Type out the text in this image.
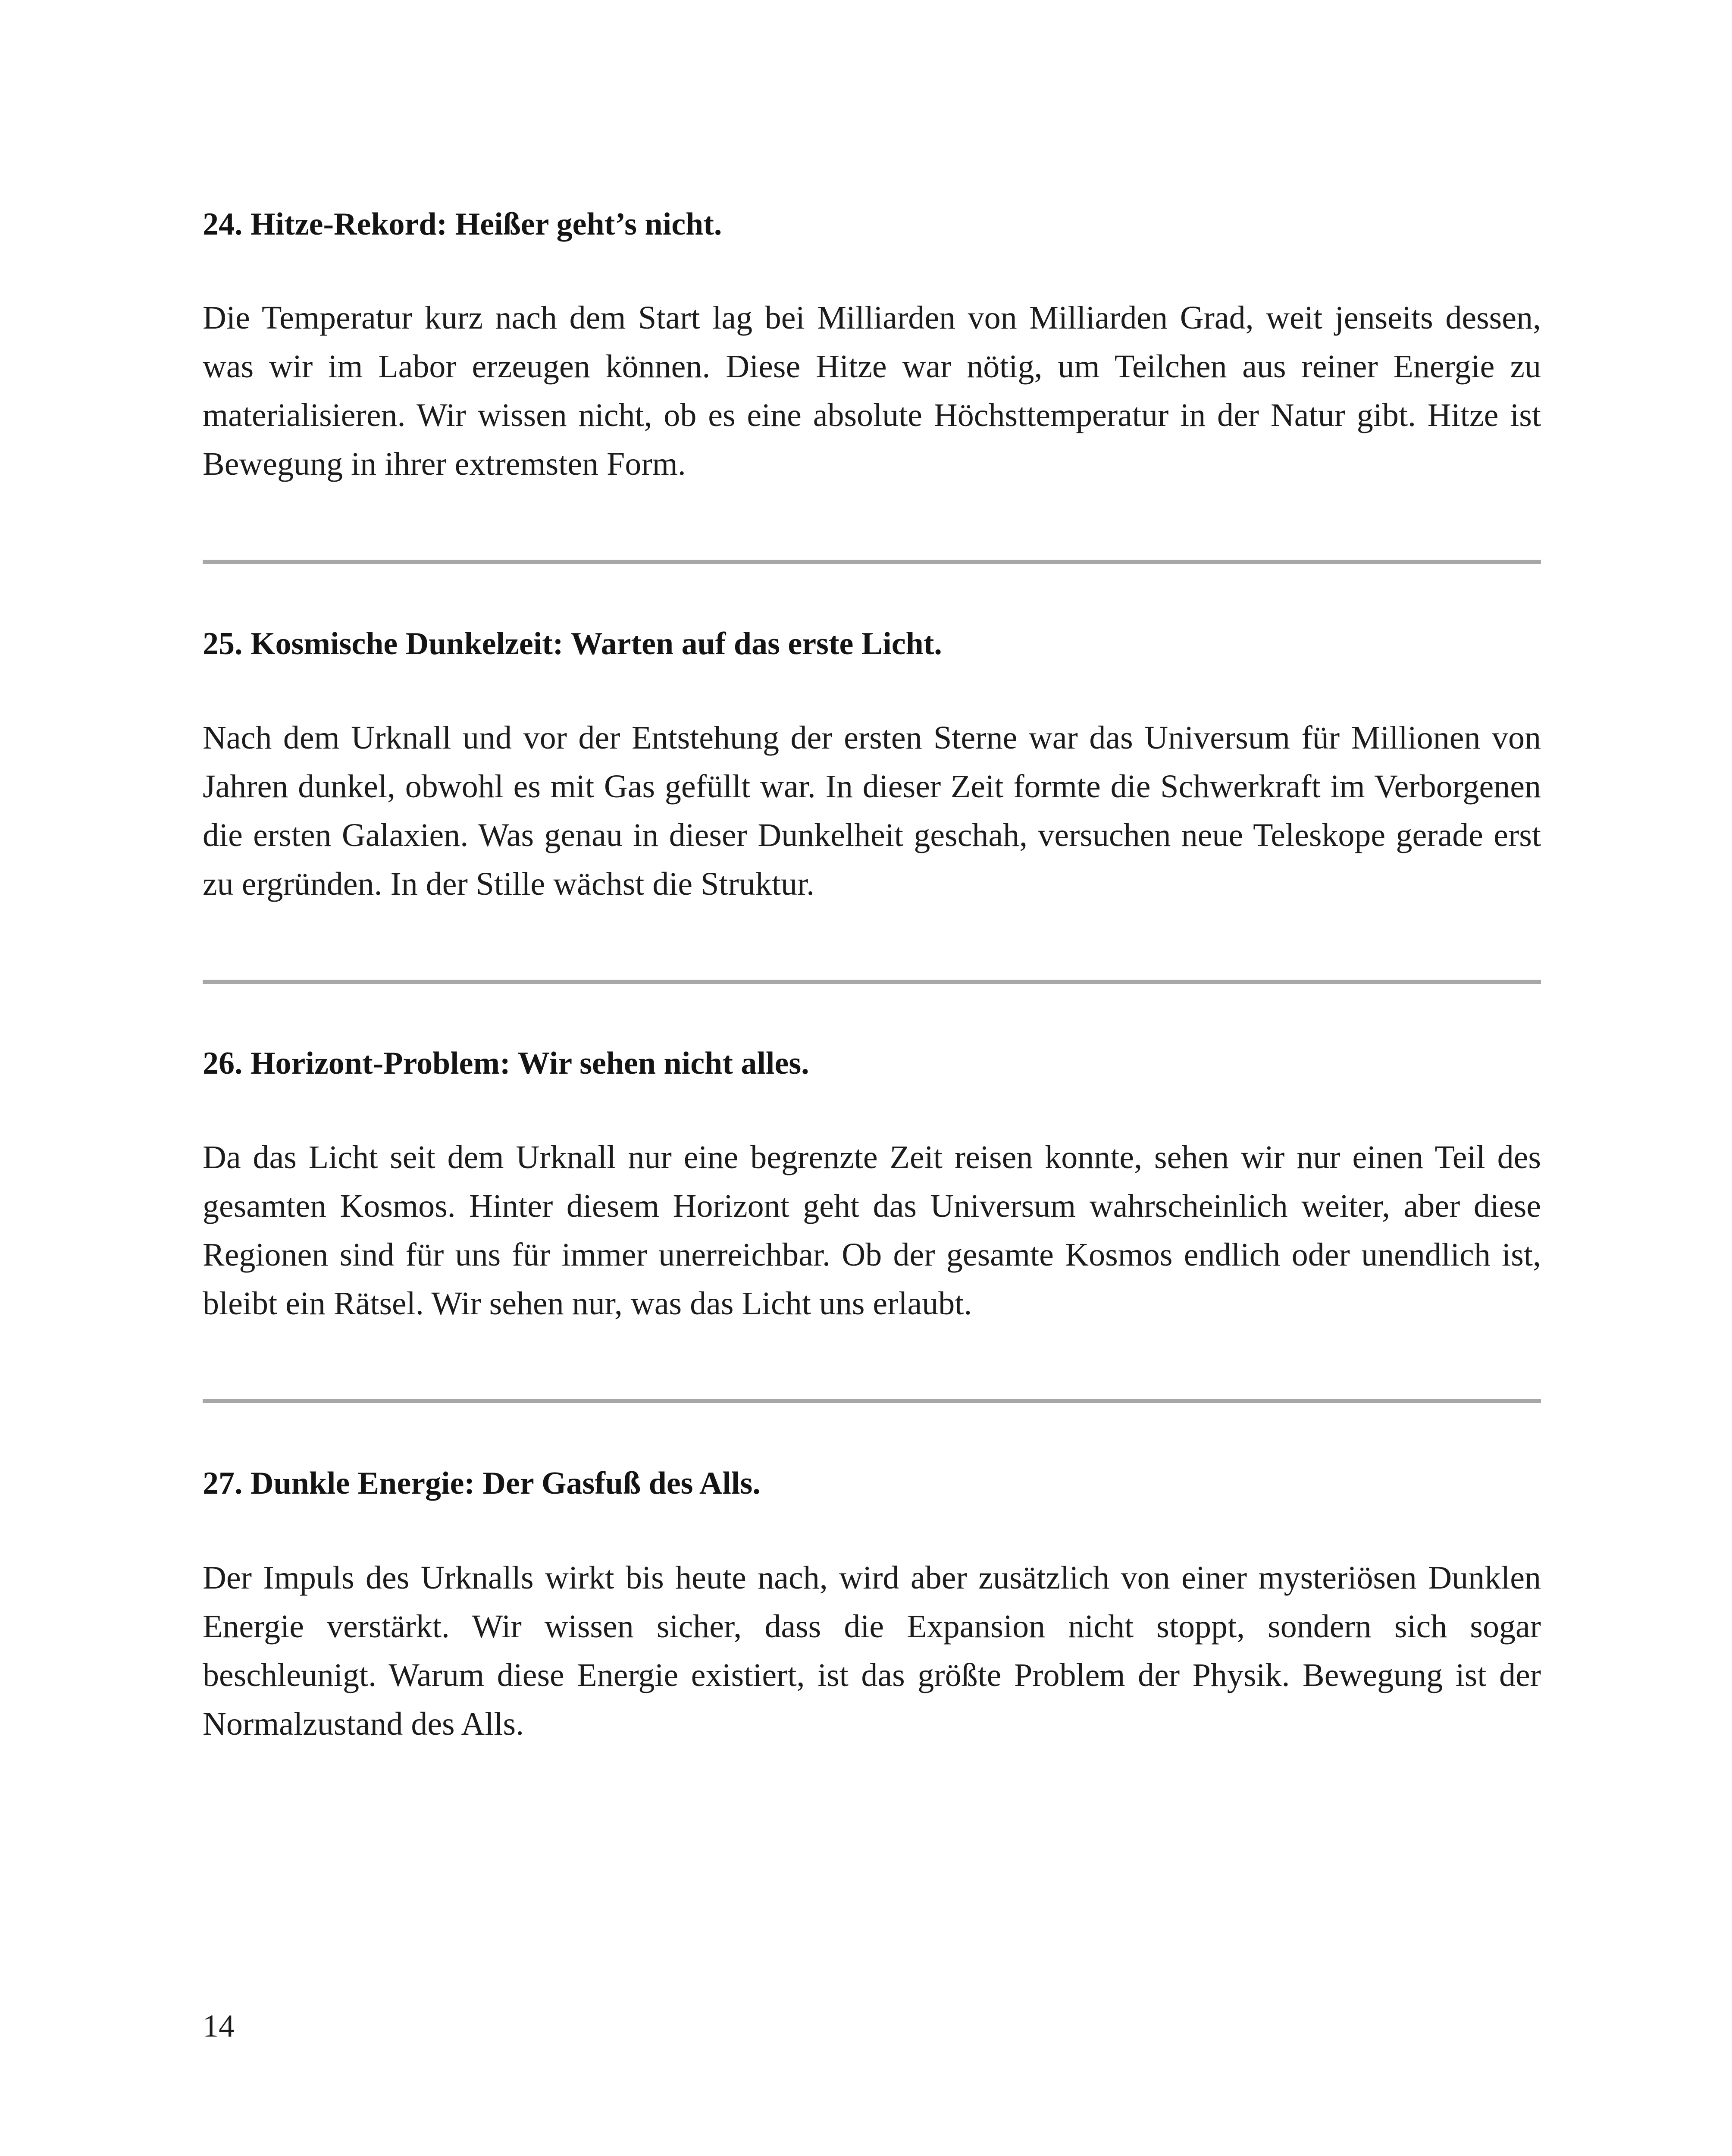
24. Hitze-Rekord: Heißer geht’s nicht.

Die Temperatur kurz nach dem Start lag bei Milliarden von Milliarden Grad, weit jenseits dessen, was wir im Labor erzeugen können. Diese Hitze war nötig, um Teilchen aus reiner Energie zu materialisieren. Wir wissen nicht, ob es eine absolute Höchsttemperatur in der Natur gibt. Hitze ist Bewegung in ihrer extremsten Form.

25. Kosmische Dunkelzeit: Warten auf das erste Licht.

Nach dem Urknall und vor der Entstehung der ersten Sterne war das Universum für Millionen von Jahren dunkel, obwohl es mit Gas gefüllt war. In dieser Zeit formte die Schwerkraft im Verborgenen die ersten Galaxien. Was genau in dieser Dunkelheit geschah, versuchen neue Teleskope gerade erst zu ergründen. In der Stille wächst die Struktur.

26. Horizont-Problem: Wir sehen nicht alles.

Da das Licht seit dem Urknall nur eine begrenzte Zeit reisen konnte, sehen wir nur einen Teil des gesamten Kosmos. Hinter diesem Horizont geht das Universum wahrscheinlich weiter, aber diese Regionen sind für uns für immer unerreichbar. Ob der gesamte Kosmos endlich oder unendlich ist, bleibt ein Rätsel. Wir sehen nur, was das Licht uns erlaubt.

27. Dunkle Energie: Der Gasfuß des Alls.

Der Impuls des Urknalls wirkt bis heute nach, wird aber zusätzlich von einer mysteriösen Dunklen Energie verstärkt. Wir wissen sicher, dass die Expansion nicht stoppt, sondern sich sogar beschleunigt. Warum diese Energie existiert, ist das größte Problem der Physik. Bewegung ist der Normalzustand des Alls.

14
